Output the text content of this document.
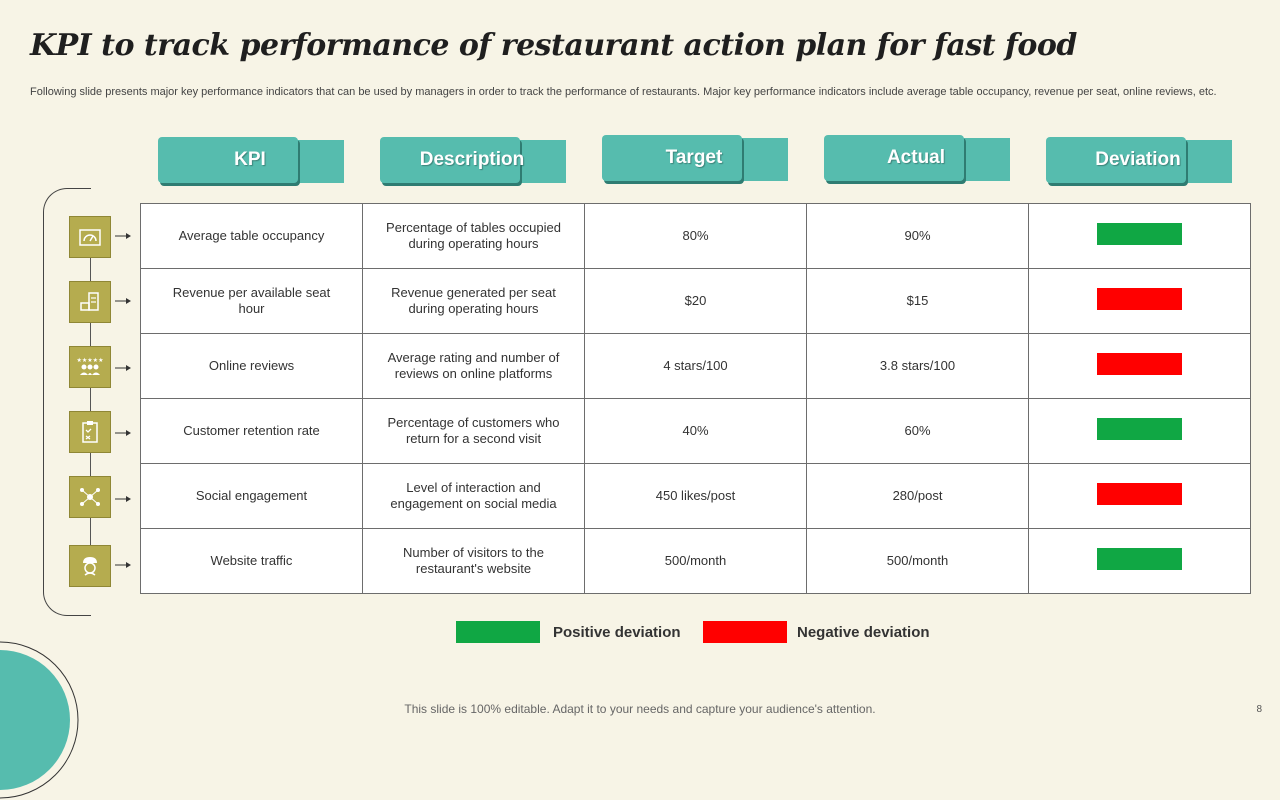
KPI to track performance of restaurant action plan for fast food

Following slide presents major key performance indicators that can be used by managers in order to track the performance of restaurants. Major key performance indicators include average table occupancy, revenue per seat, online reviews, etc.

KPI	Description	Target	Actual	Deviation
★★★★★
Average table occupancy	Percentage of tables occupied during operating hours	80%	90%	
Revenue per available seat hour	Revenue generated per seat during operating hours	$20	$15	
Online reviews	Average rating and number of reviews on online platforms	4 stars/100	3.8 stars/100	
Customer retention rate	Percentage of customers who return for a second visit	40%	60%	
Social engagement	Level of interaction and engagement on social media	450 likes/post	280/post	
Website traffic	Number of visitors to the restaurant's website	500/month	500/month	
Positive deviation	Negative deviation
This slide is 100% editable. Adapt it to your needs and capture your audience's attention.	8
